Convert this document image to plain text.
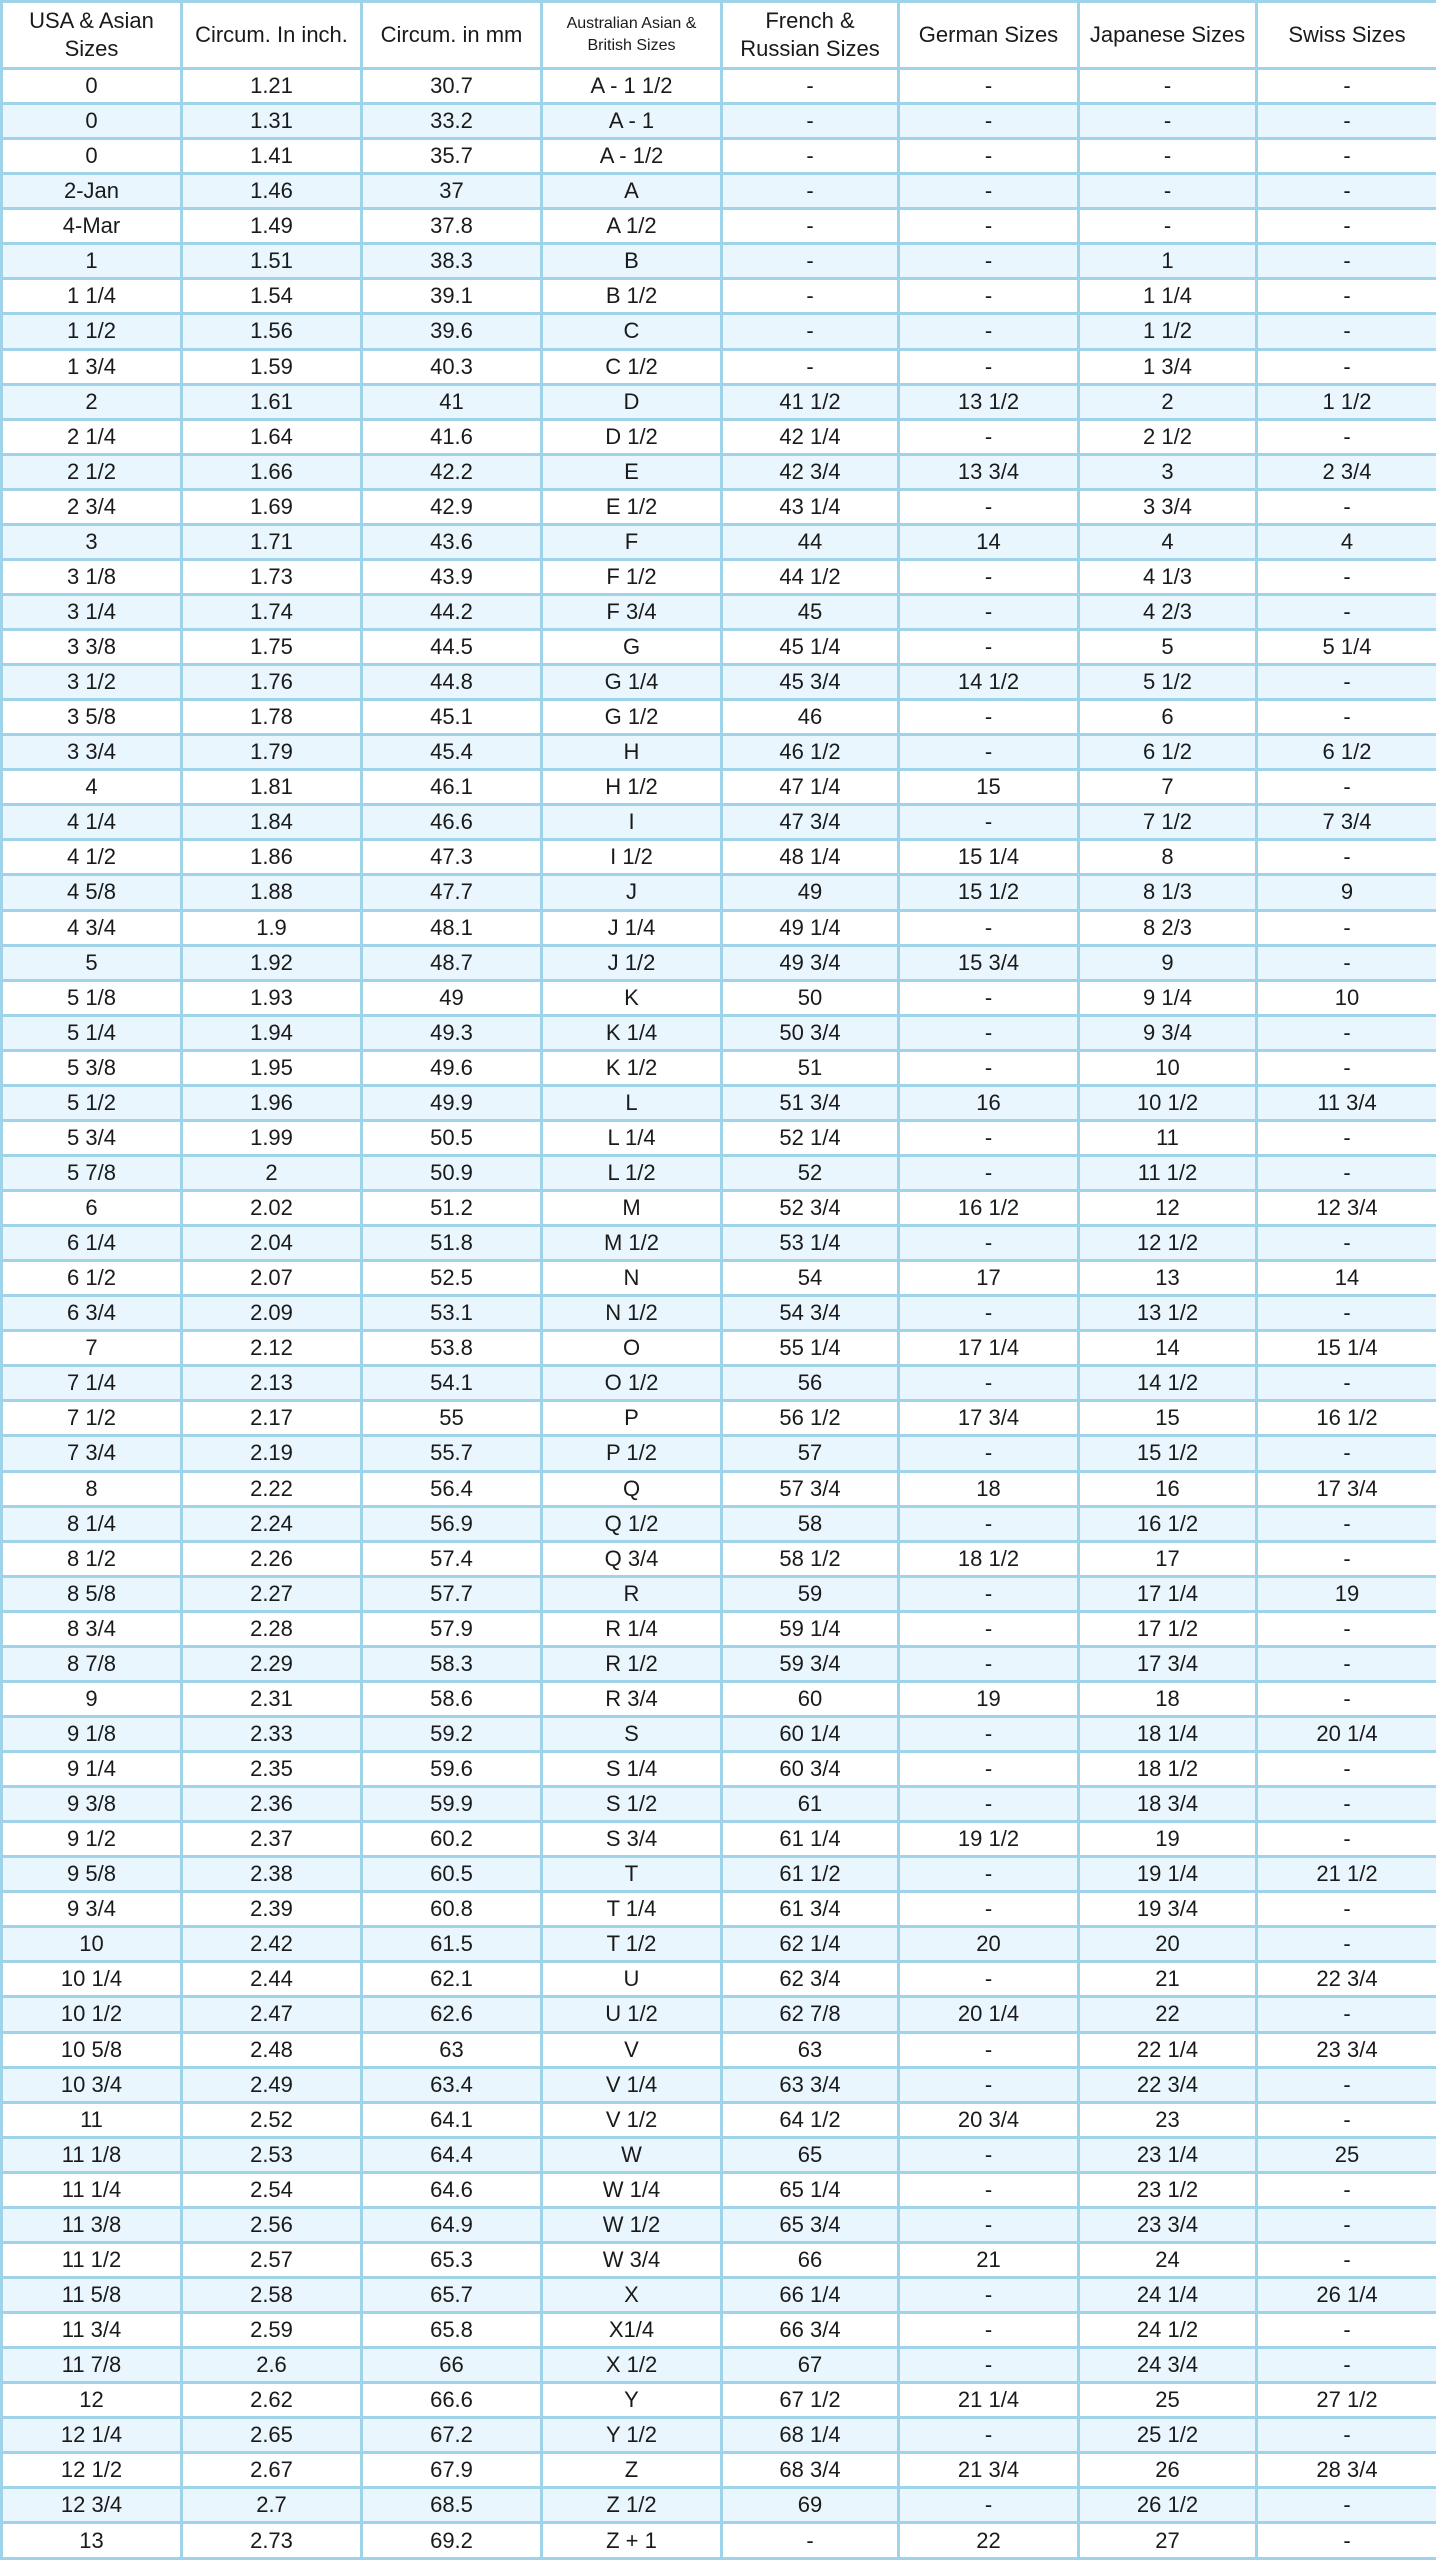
USA & Asian Sizes	Circum. In inch.	Circum. in mm	Australian Asian & British Sizes	French & Russian Sizes	German Sizes	Japanese Sizes	Swiss Sizes
0	1.21	30.7	A - 1 1/2	-	-	-	-
0	1.31	33.2	A - 1	-	-	-	-
0	1.41	35.7	A - 1/2	-	-	-	-
2-Jan	1.46	37	A	-	-	-	-
4-Mar	1.49	37.8	A 1/2	-	-	-	-
1	1.51	38.3	B	-	-	1	-
1 1/4	1.54	39.1	B 1/2	-	-	1 1/4	-
1 1/2	1.56	39.6	C	-	-	1 1/2	-
1 3/4	1.59	40.3	C 1/2	-	-	1 3/4	-
2	1.61	41	D	41 1/2	13 1/2	2	1 1/2
2 1/4	1.64	41.6	D 1/2	42 1/4	-	2 1/2	-
2 1/2	1.66	42.2	E	42 3/4	13 3/4	3	2 3/4
2 3/4	1.69	42.9	E 1/2	43 1/4	-	3 3/4	-
3	1.71	43.6	F	44	14	4	4
3 1/8	1.73	43.9	F 1/2	44 1/2	-	4 1/3	-
3 1/4	1.74	44.2	F 3/4	45	-	4 2/3	-
3 3/8	1.75	44.5	G	45 1/4	-	5	5 1/4
3 1/2	1.76	44.8	G 1/4	45 3/4	14 1/2	5 1/2	-
3 5/8	1.78	45.1	G 1/2	46	-	6	-
3 3/4	1.79	45.4	H	46 1/2	-	6 1/2	6 1/2
4	1.81	46.1	H 1/2	47 1/4	15	7	-
4 1/4	1.84	46.6	I	47 3/4	-	7 1/2	7 3/4
4 1/2	1.86	47.3	I 1/2	48 1/4	15 1/4	8	-
4 5/8	1.88	47.7	J	49	15 1/2	8 1/3	9
4 3/4	1.9	48.1	J 1/4	49 1/4	-	8 2/3	-
5	1.92	48.7	J 1/2	49 3/4	15 3/4	9	-
5 1/8	1.93	49	K	50	-	9 1/4	10
5 1/4	1.94	49.3	K 1/4	50 3/4	-	9 3/4	-
5 3/8	1.95	49.6	K 1/2	51	-	10	-
5 1/2	1.96	49.9	L	51 3/4	16	10 1/2	11 3/4
5 3/4	1.99	50.5	L 1/4	52 1/4	-	11	-
5 7/8	2	50.9	L 1/2	52	-	11 1/2	-
6	2.02	51.2	M	52 3/4	16 1/2	12	12 3/4
6 1/4	2.04	51.8	M 1/2	53 1/4	-	12 1/2	-
6 1/2	2.07	52.5	N	54	17	13	14
6 3/4	2.09	53.1	N 1/2	54 3/4	-	13 1/2	-
7	2.12	53.8	O	55 1/4	17 1/4	14	15 1/4
7 1/4	2.13	54.1	O 1/2	56	-	14 1/2	-
7 1/2	2.17	55	P	56 1/2	17 3/4	15	16 1/2
7 3/4	2.19	55.7	P 1/2	57	-	15 1/2	-
8	2.22	56.4	Q	57 3/4	18	16	17 3/4
8 1/4	2.24	56.9	Q 1/2	58	-	16 1/2	-
8 1/2	2.26	57.4	Q 3/4	58 1/2	18 1/2	17	-
8 5/8	2.27	57.7	R	59	-	17 1/4	19
8 3/4	2.28	57.9	R 1/4	59 1/4	-	17 1/2	-
8 7/8	2.29	58.3	R 1/2	59 3/4	-	17 3/4	-
9	2.31	58.6	R 3/4	60	19	18	-
9 1/8	2.33	59.2	S	60 1/4	-	18 1/4	20 1/4
9 1/4	2.35	59.6	S 1/4	60 3/4	-	18 1/2	-
9 3/8	2.36	59.9	S 1/2	61	-	18 3/4	-
9 1/2	2.37	60.2	S 3/4	61 1/4	19 1/2	19	-
9 5/8	2.38	60.5	T	61 1/2	-	19 1/4	21 1/2
9 3/4	2.39	60.8	T 1/4	61 3/4	-	19 3/4	-
10	2.42	61.5	T 1/2	62 1/4	20	20	-
10 1/4	2.44	62.1	U	62 3/4	-	21	22 3/4
10 1/2	2.47	62.6	U 1/2	62 7/8	20 1/4	22	-
10 5/8	2.48	63	V	63	-	22 1/4	23 3/4
10 3/4	2.49	63.4	V 1/4	63 3/4	-	22 3/4	-
11	2.52	64.1	V 1/2	64 1/2	20 3/4	23	-
11 1/8	2.53	64.4	W	65	-	23 1/4	25
11 1/4	2.54	64.6	W 1/4	65 1/4	-	23 1/2	-
11 3/8	2.56	64.9	W 1/2	65 3/4	-	23 3/4	-
11 1/2	2.57	65.3	W 3/4	66	21	24	-
11 5/8	2.58	65.7	X	66 1/4	-	24 1/4	26 1/4
11 3/4	2.59	65.8	X1/4	66 3/4	-	24 1/2	-
11 7/8	2.6	66	X 1/2	67	-	24 3/4	-
12	2.62	66.6	Y	67 1/2	21 1/4	25	27 1/2
12 1/4	2.65	67.2	Y 1/2	68 1/4	-	25 1/2	-
12 1/2	2.67	67.9	Z	68 3/4	21 3/4	26	28 3/4
12 3/4	2.7	68.5	Z 1/2	69	-	26 1/2	-
13	2.73	69.2	Z + 1	-	22	27	-
